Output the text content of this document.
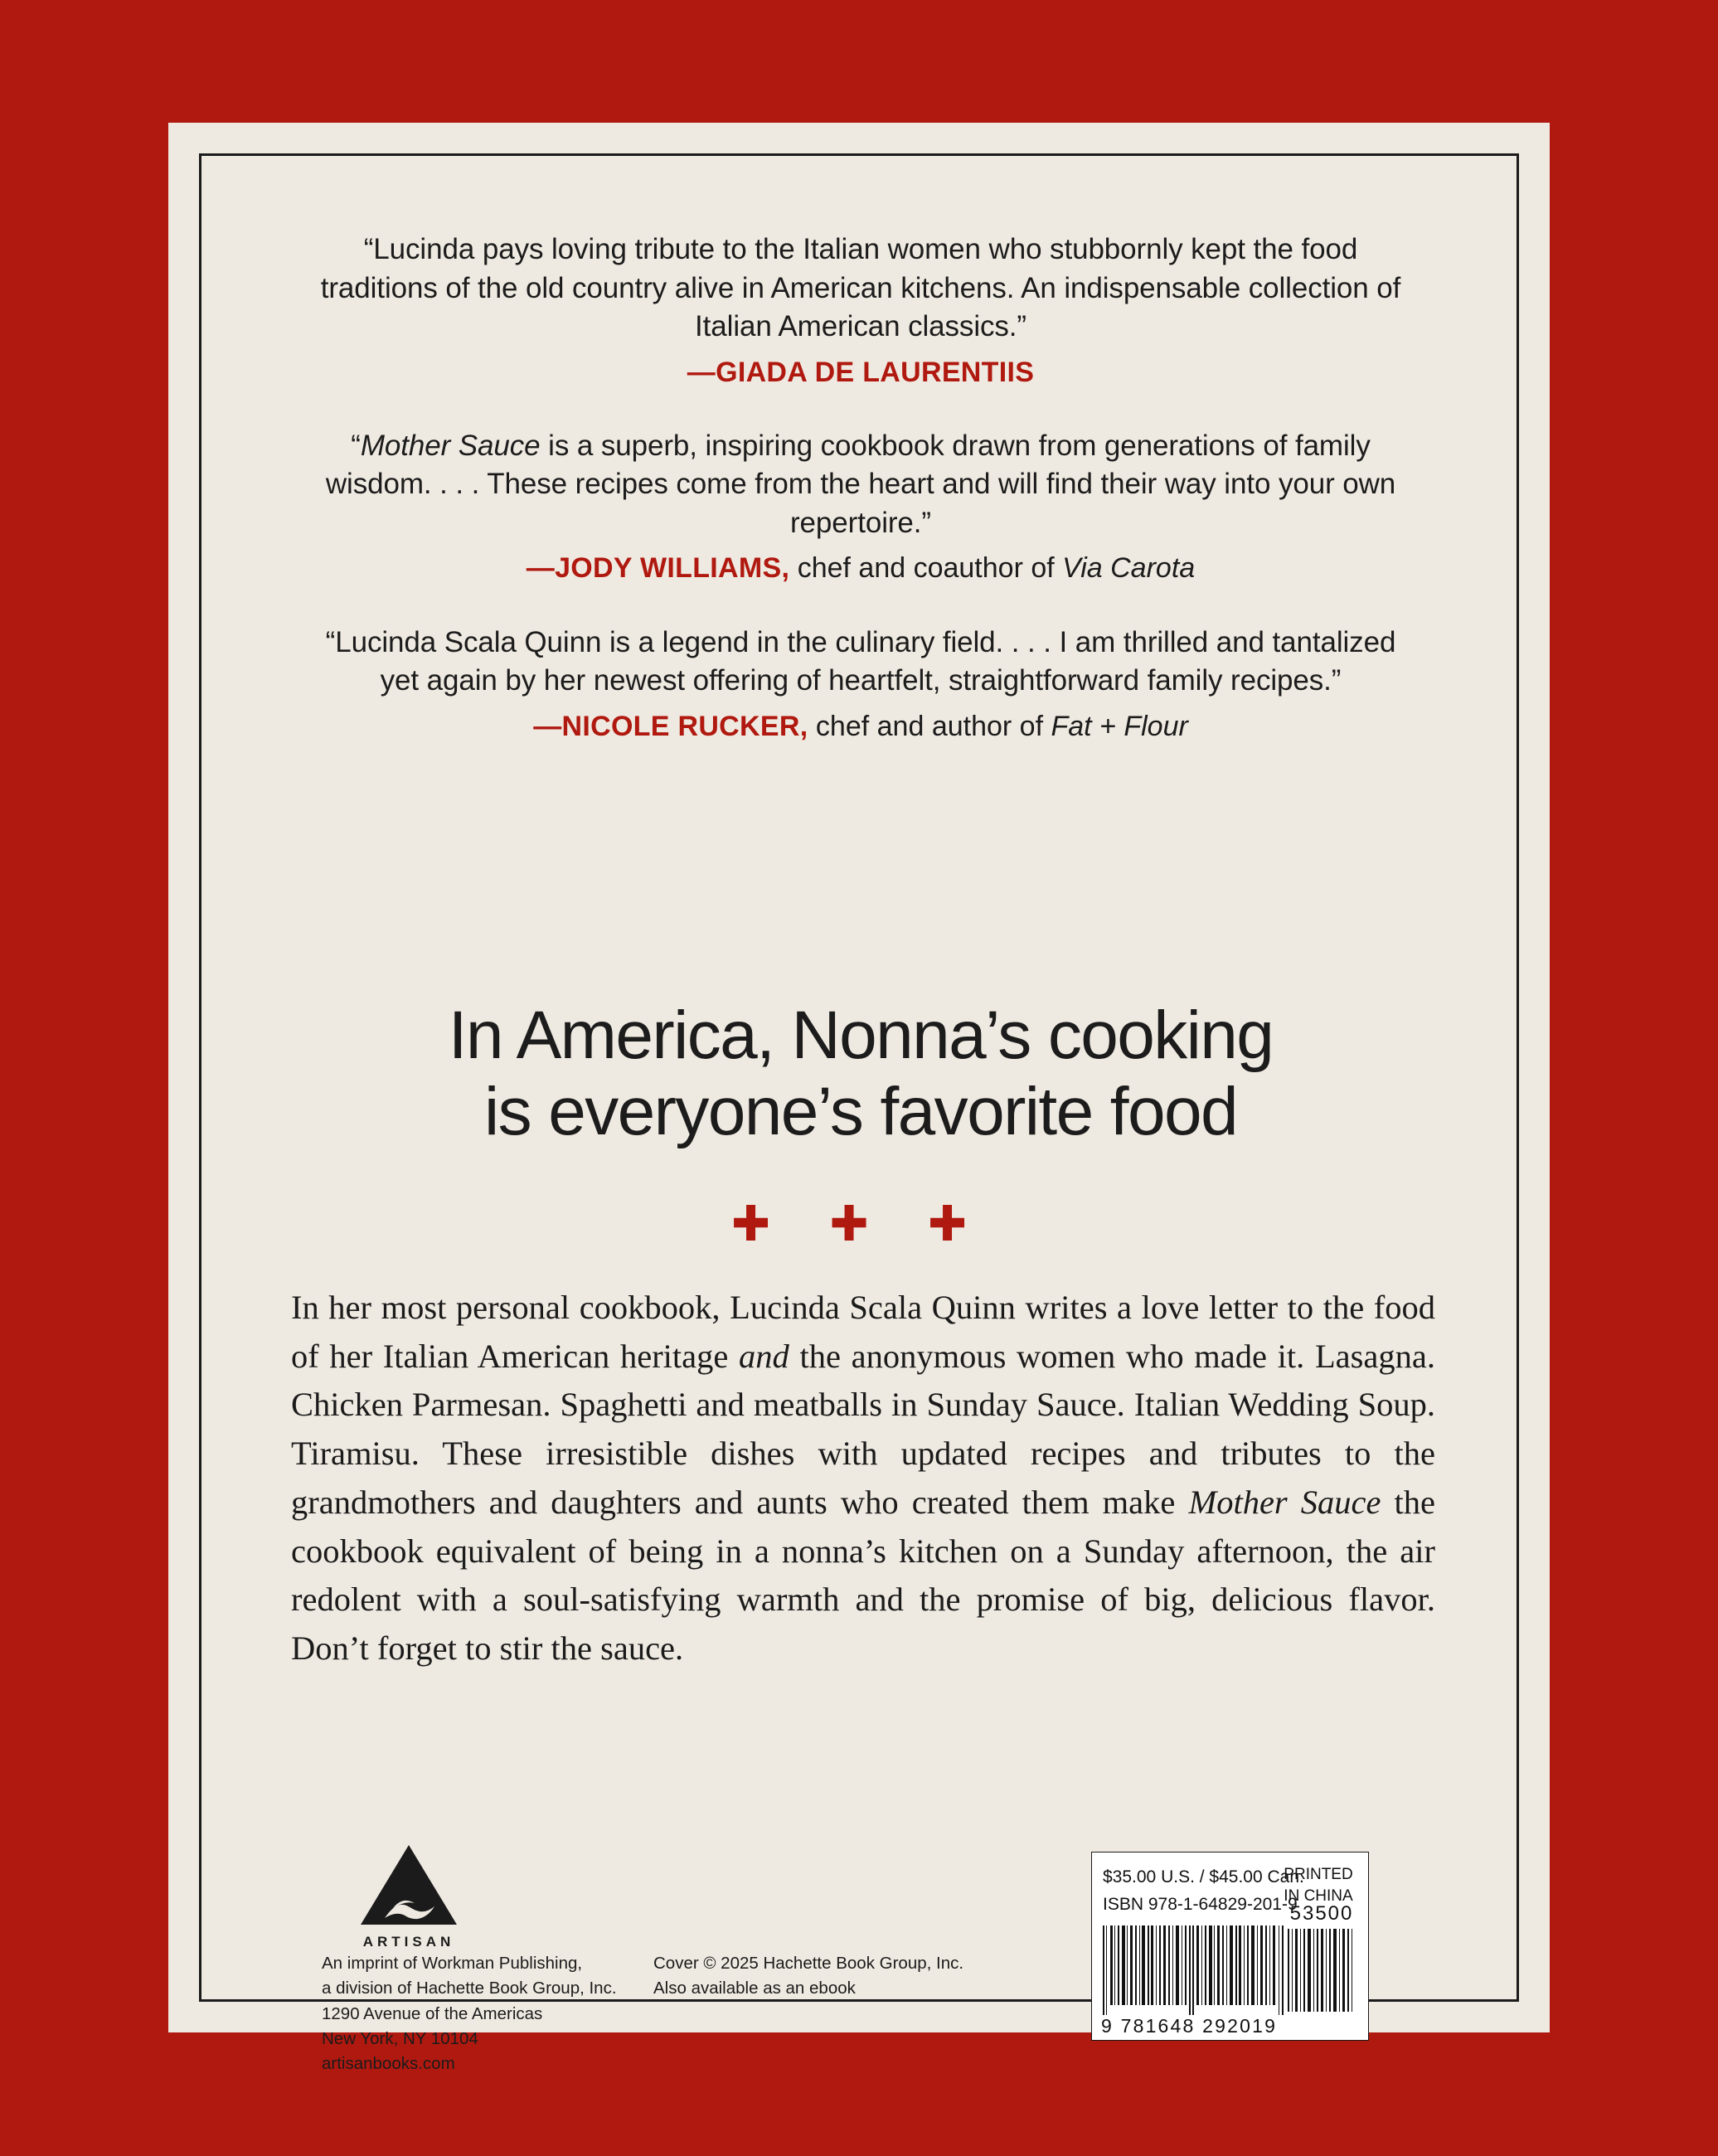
“Lucinda pays loving tribute to the Italian women who stubbornly kept the food traditions of the old country alive in American kitchens. An indispensable collection of Italian American classics.”
—GIADA DE LAURENTIIS
“Mother Sauce is a superb, inspiring cookbook drawn from generations of family wisdom. . . . These recipes come from the heart and will find their way into your own repertoire.”
—JODY WILLIAMS, chef and coauthor of Via Carota
“Lucinda Scala Quinn is a legend in the culinary field. . . . I am thrilled and tantalized yet again by her newest offering of heartfelt, straightforward family recipes.”
—NICOLE RUCKER, chef and author of Fat + Flour
In America, Nonna’s cooking
is everyone’s favorite food
✚ ✚ ✚
In her most personal cookbook, Lucinda Scala Quinn writes a love letter to the food of her Italian American heritage and the anonymous women who made it. Lasagna. Chicken Parmesan. Spaghetti and meatballs in Sunday Sauce. Italian Wedding Soup. Tiramisu. These irresistible dishes with updated recipes and tributes to the grandmothers and daughters and aunts who created them make Mother Sauce the cookbook equivalent of being in a nonna’s kitchen on a Sunday afternoon, the air redolent with a soul-satisfying warmth and the promise of big, delicious flavor. Don’t forget to stir the sauce.
ARTISAN
An imprint of Workman Publishing,
a division of Hachette Book Group, Inc.
1290 Avenue of the Americas
New York, NY 10104
artisanbooks.com
Cover © 2025 Hachette Book Group, Inc.
Also available as an ebook
$35.00 U.S. / $45.00 Can.
ISBN 978-1-64829-201-9
PRINTED
IN CHINA
9 781648 292019
53500
